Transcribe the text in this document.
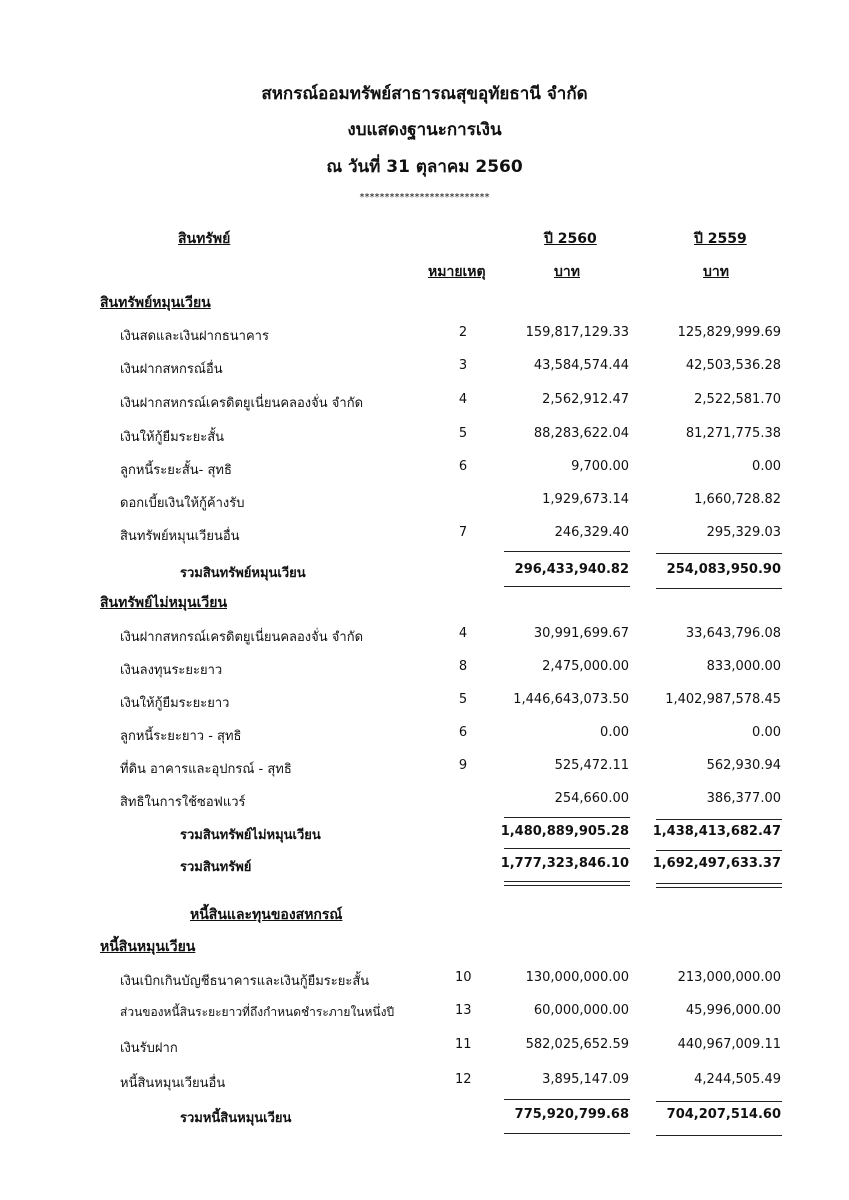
สหกรณ์ออมทรัพย์สาธารณสุขอุทัยธานี จำกัด
งบแสดงฐานะการเงิน
ณ วันที่ 31 ตุลาคม 2560
**************************
สินทรัพย์	ปี 2560	ปี 2559
หมายเหตุ	บาท	บาท
สินทรัพย์หมุนเวียน
เงินสดและเงินฝากธนาคาร	2	159,817,129.33	125,829,999.69
เงินฝากสหกรณ์อื่น	3	43,584,574.44	42,503,536.28
เงินฝากสหกรณ์เครดิตยูเนี่ยนคลองจั่น จำกัด	4	2,562,912.47	2,522,581.70
เงินให้กู้ยืมระยะสั้น	5	88,283,622.04	81,271,775.38
ลูกหนี้ระยะสั้น- สุทธิ	6	9,700.00	0.00
ดอกเบี้ยเงินให้กู้ค้างรับ	1,929,673.14	1,660,728.82
สินทรัพย์หมุนเวียนอื่น	7	246,329.40	295,329.03
รวมสินทรัพย์หมุนเวียน	296,433,940.82	254,083,950.90
สินทรัพย์ไม่หมุนเวียน
เงินฝากสหกรณ์เครดิตยูเนี่ยนคลองจั่น จำกัด	4	30,991,699.67	33,643,796.08
เงินลงทุนระยะยาว	8	2,475,000.00	833,000.00
เงินให้กู้ยืมระยะยาว	5	1,446,643,073.50	1,402,987,578.45
ลูกหนี้ระยะยาว - สุทธิ	6	0.00	0.00
ที่ดิน อาคารและอุปกรณ์ - สุทธิ	9	525,472.11	562,930.94
สิทธิในการใช้ซอฟแวร์	254,660.00	386,377.00
รวมสินทรัพย์ไม่หมุนเวียน	1,480,889,905.28 1,438,413,682.47
รวมสินทรัพย์	1,777,323,846.10 1,692,497,633.37
หนี้สินและทุนของสหกรณ์
หนี้สินหมุนเวียน
เงินเบิกเกินบัญชีธนาคารและเงินกู้ยืมระยะสั้น	10	130,000,000.00	213,000,000.00
ส่วนของหนี้สินระยะยาวที่ถึงกำหนดชำระภายในหนึ่งปี	13	60,000,000.00	45,996,000.00
เงินรับฝาก	11	582,025,652.59	440,967,009.11
หนี้สินหมุนเวียนอื่น	12	3,895,147.09	4,244,505.49
รวมหนี้สินหมุนเวียน	775,920,799.68	704,207,514.60
